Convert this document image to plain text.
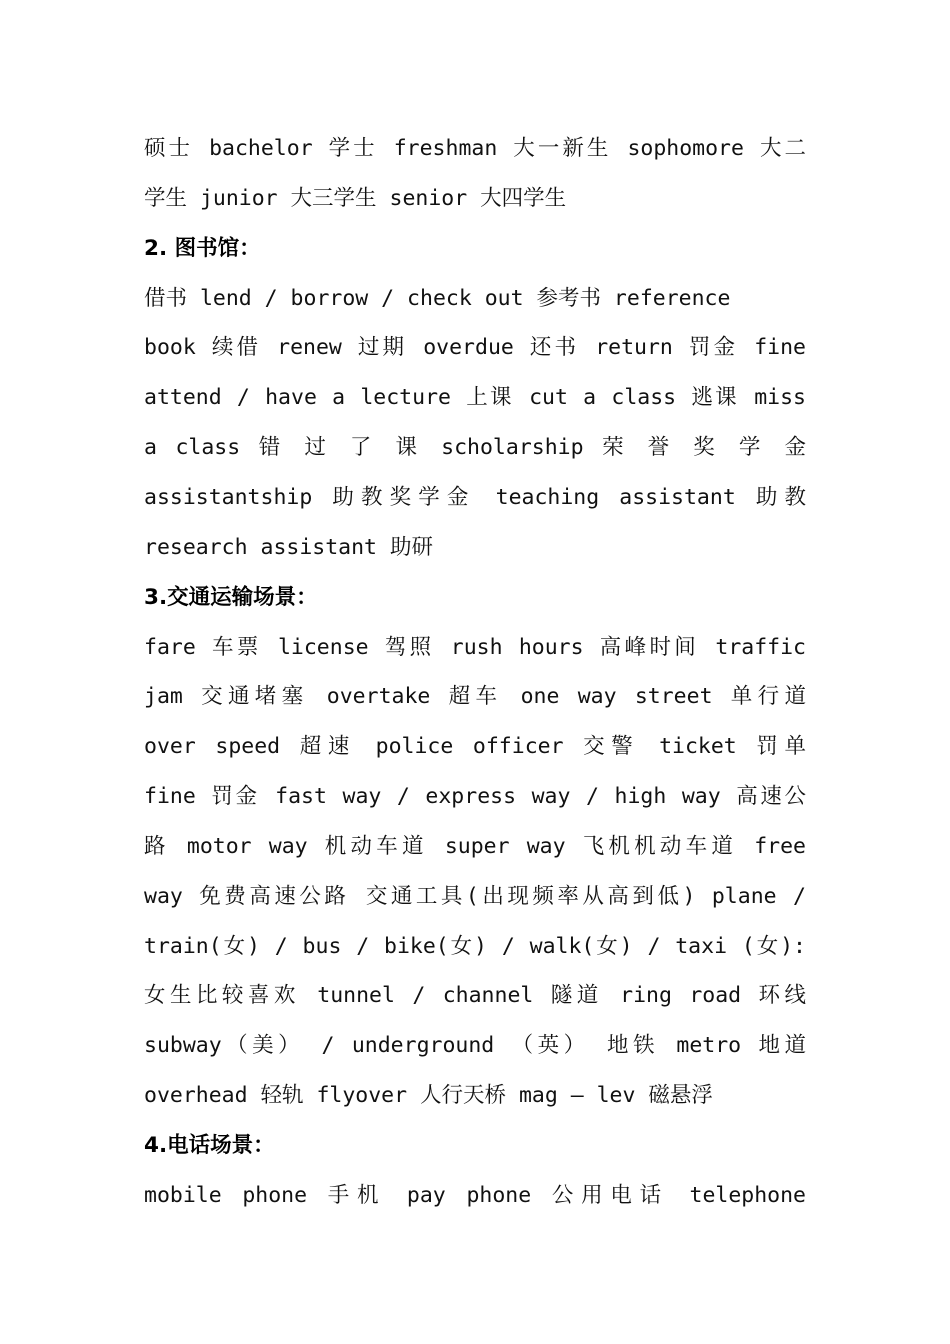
硕士 bachelor 学士 freshman 大一新生 sophomore 大二
学生 junior 大三学生 senior 大四学生
2. 图书馆：
借书 lend / borrow / check out 参考书 reference
book 续借 renew 过期 overdue 还书 return 罚金 fine
attend / have a lecture 上课 cut a class 逃课 miss
a class 错 过 了 课 scholarship 荣 誉 奖 学 金
assistantship 助教奖学金 teaching assistant 助教
research assistant 助研
3.交通运输场景：
fare 车票 license 驾照 rush hours 高峰时间 traffic
jam 交通堵塞 overtake 超车 one way street 单行道
over speed 超速 police officer 交警 ticket 罚单
fine 罚金 fast way / express way / high way 高速公
路 motor way 机动车道 super way 飞机机动车道 free
way 免费高速公路 交通工具(出现频率从高到低) plane /
train(女) / bus / bike(女) / walk(女) / taxi (女):
女生比较喜欢 tunnel / channel 隧道 ring road 环线
subway（美） / underground （英） 地铁 metro 地道
overhead 轻轨 flyover 人行天桥 mag – lev 磁悬浮
4.电话场景：
mobile phone 手机 pay phone 公用电话 telephone
